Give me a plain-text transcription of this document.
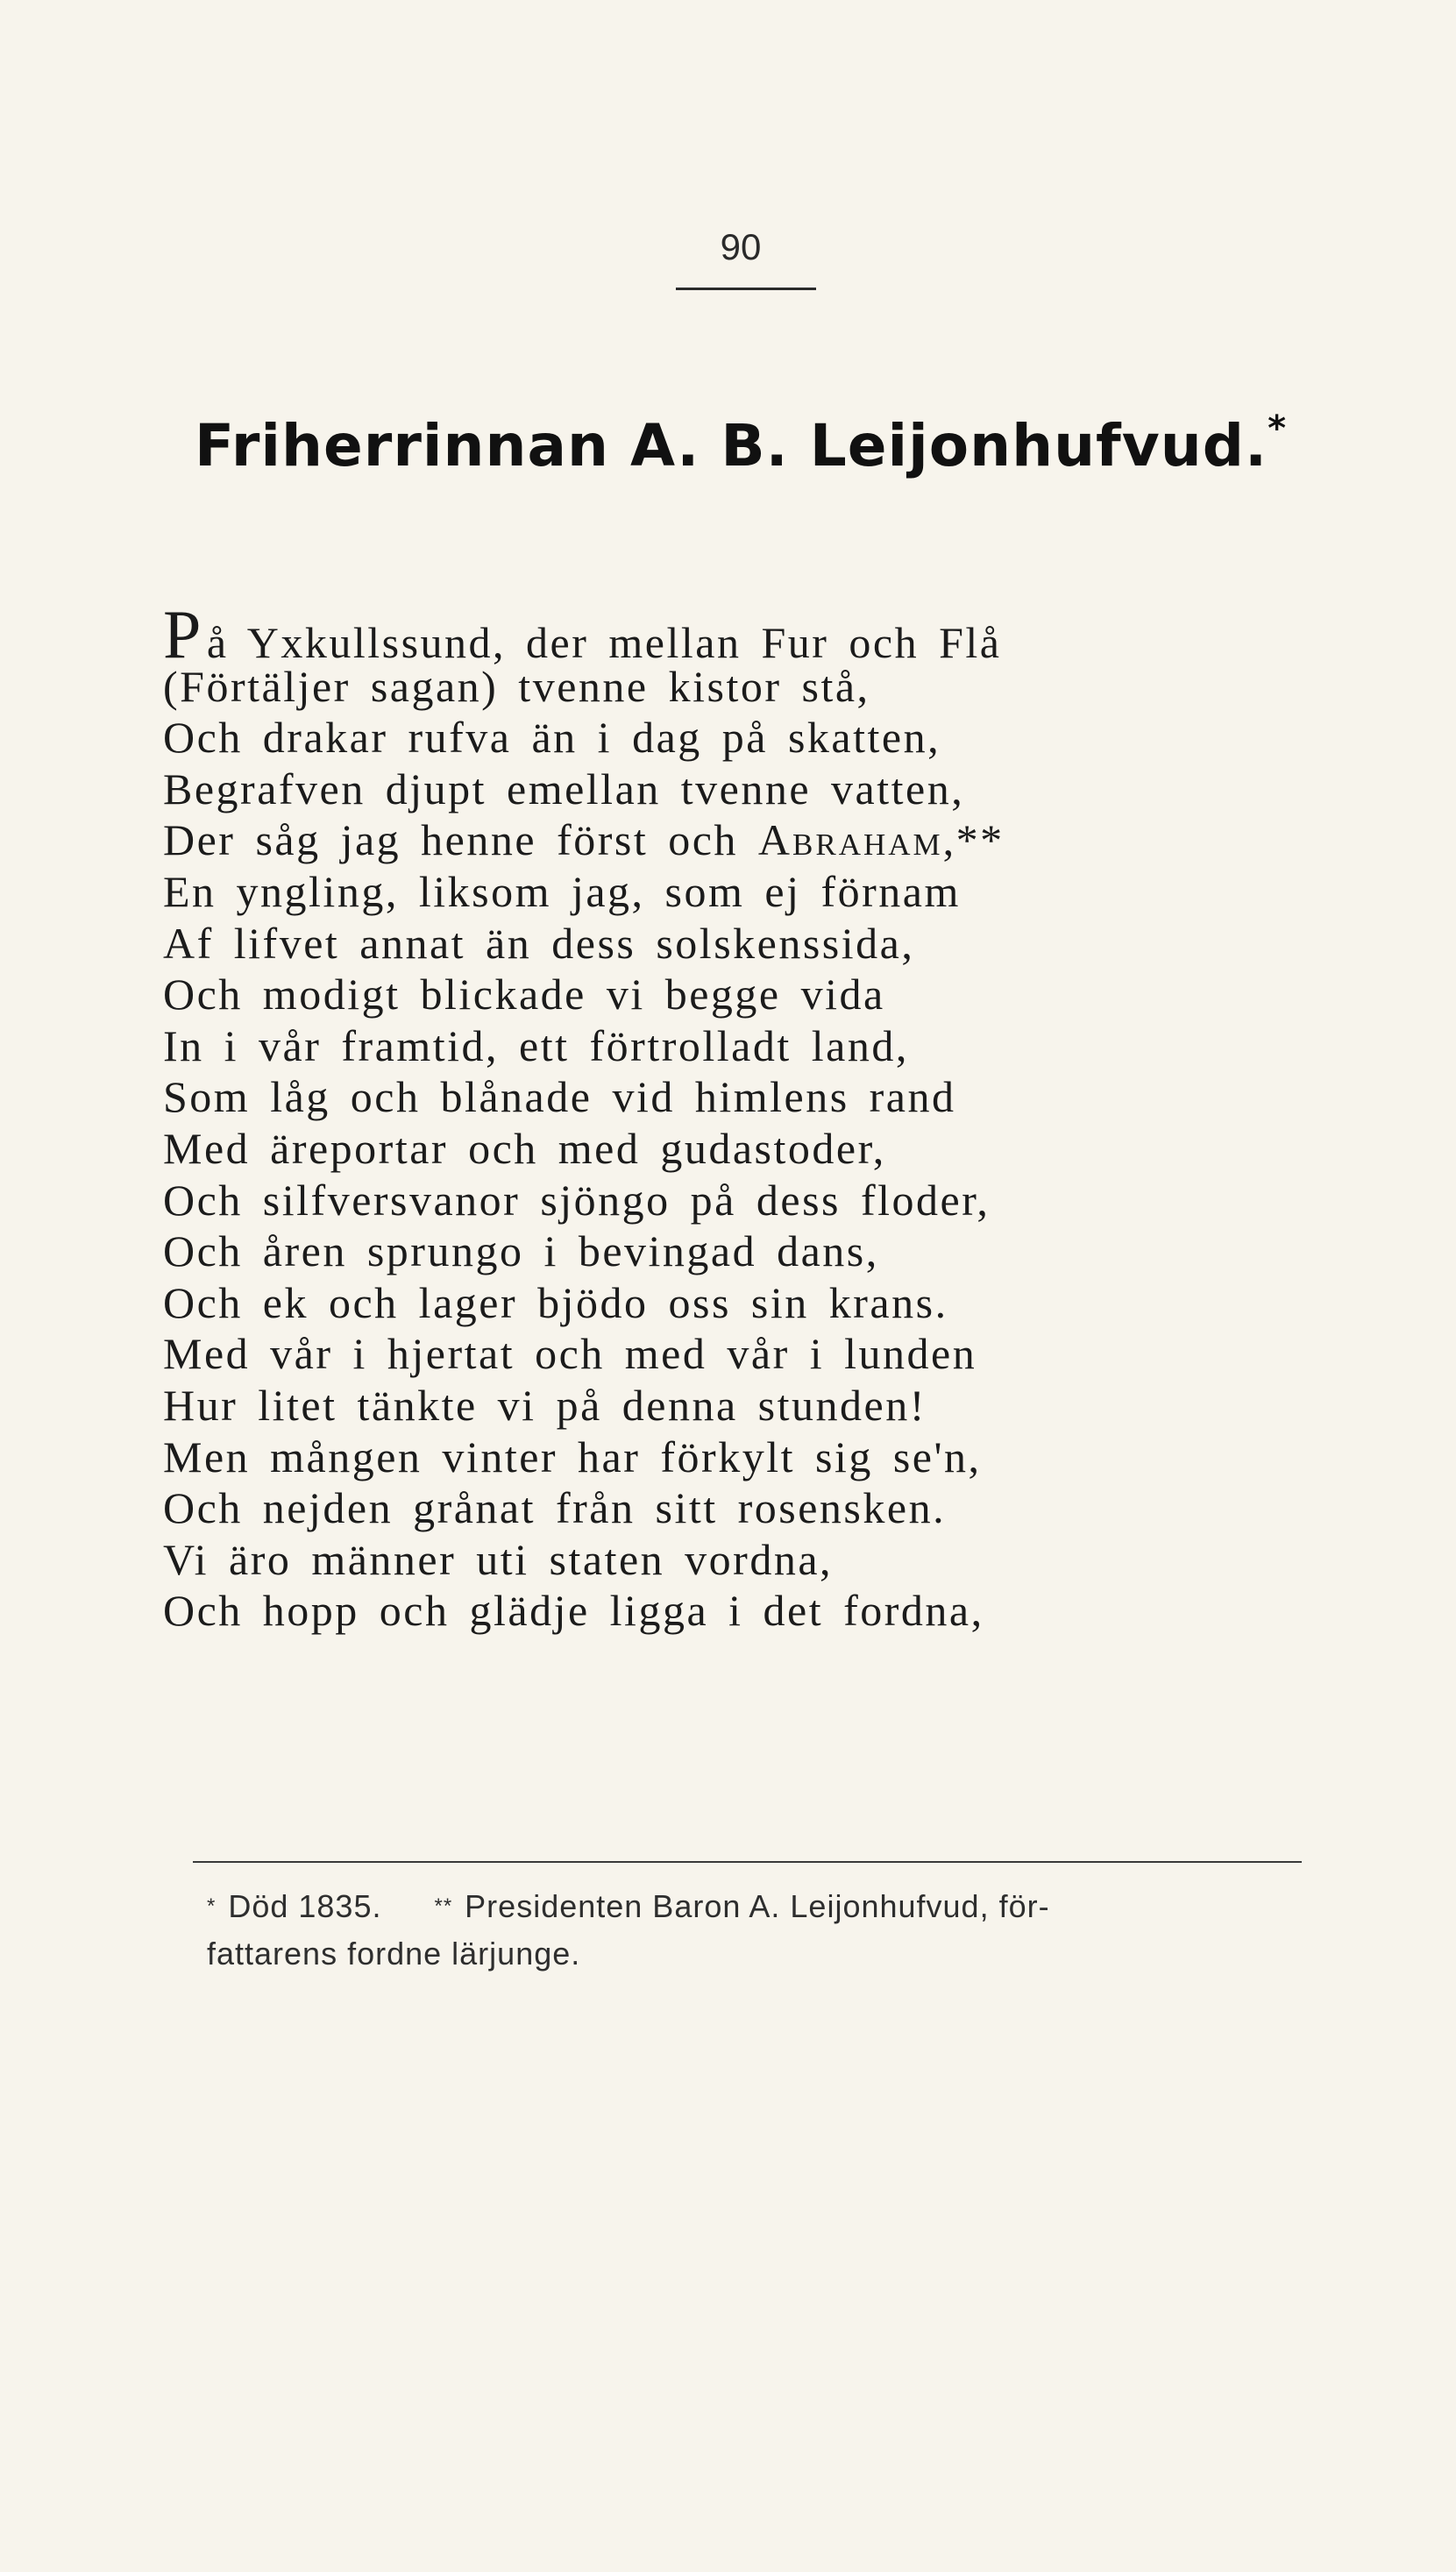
90
Friherrinnan A. B. Leijonhufvud.*
På Yxkullssund, der mellan Fur och Flå
(Förtäljer sagan) tvenne kistor stå,
Och drakar rufva än i dag på skatten,
Begrafven djupt emellan tvenne vatten,
Der såg jag henne först och Abraham,**
En yngling, liksom jag, som ej förnam
Af lifvet annat än dess solskenssida,
Och modigt blickade vi begge vida
In i vår framtid, ett förtrolladt land,
Som låg och blånade vid himlens rand
Med äreportar och med gudastoder,
Och silfversvanor sjöngo på dess floder,
Och åren sprungo i bevingad dans,
Och ek och lager bjödo oss sin krans.
Med vår i hjertat och med vår i lunden
Hur litet tänkte vi på denna stunden!
Men mången vinter har förkylt sig se'n,
Och nejden grånat från sitt rosensken.
Vi äro männer uti staten vordna,
Och hopp och glädje ligga i det fordna,
* Död 1835.	** Presidenten Baron A. Leijonhufvud, för-
fattarens fordne lärjunge.
